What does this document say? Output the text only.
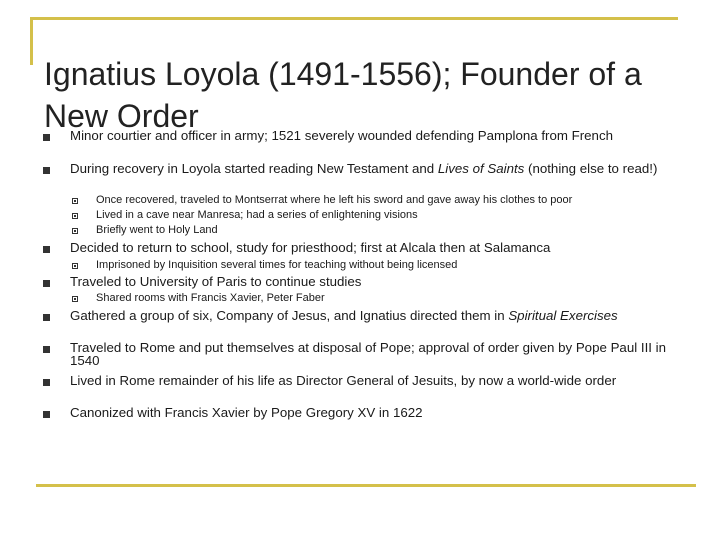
Ignatius Loyola (1491-1556); Founder of a New Order
Minor courtier and officer in army; 1521 severely wounded defending Pamplona from French
During recovery in Loyola started reading New Testament and Lives of Saints (nothing else to read!)
Once recovered, traveled to Montserrat where he left his sword and gave away his clothes to poor
Lived in a cave near Manresa; had a series of enlightening visions
Briefly went to Holy Land
Decided to return to school, study for priesthood; first at Alcala then at Salamanca
Imprisoned by Inquisition several times for teaching without being licensed
Traveled to University of Paris to continue studies
Shared rooms with Francis Xavier, Peter Faber
Gathered a group of six, Company of Jesus, and Ignatius directed them in Spiritual Exercises
Traveled to Rome and put themselves at disposal of Pope; approval of order given by Pope Paul III in 1540
Lived in Rome remainder of his life as Director General of Jesuits, by now a world-wide order
Canonized with Francis Xavier by Pope Gregory XV in 1622
